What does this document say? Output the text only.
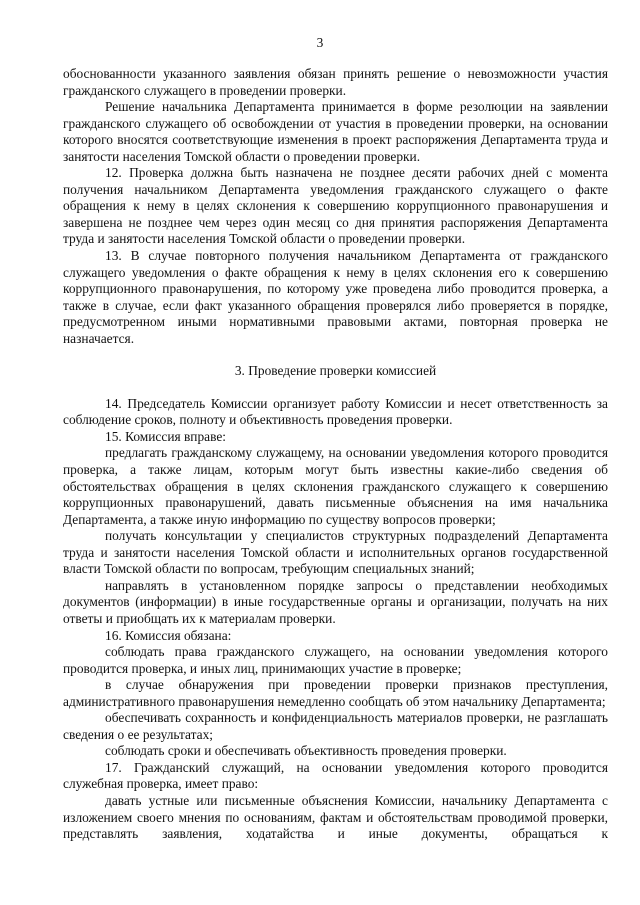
3

обоснованности указанного заявления обязан принять решение о невозможности участия гражданского служащего в проведении проверки.

Решение начальника Департамента принимается в форме резолюции на заявлении гражданского служащего об освобождении от участия в проведении проверки, на основании которого вносятся соответствующие изменения в проект распоряжения Департамента труда и занятости населения Томской области о проведении проверки.

12. Проверка должна быть назначена не позднее десяти рабочих дней с момента получения начальником Департамента уведомления гражданского служащего о факте обращения к нему в целях склонения к совершению коррупционного правонарушения и завершена не позднее чем через один месяц со дня принятия распоряжения Департамента труда и занятости населения Томской области о проведении проверки.

13. В случае повторного получения начальником Департамента от гражданского служащего уведомления о факте обращения к нему в целях склонения его к совершению коррупционного правонарушения, по которому уже проведена либо проводится проверка, а также в случае, если факт указанного обращения проверялся либо проверяется в порядке, предусмотренном иными нормативными правовыми актами, повторная проверка не назначается.

3. Проведение проверки комиссией

14. Председатель Комиссии организует работу Комиссии и несет ответственность за соблюдение сроков, полноту и объективность проведения проверки.

15. Комиссия вправе:

предлагать гражданскому служащему, на основании уведомления которого проводится проверка, а также лицам, которым могут быть известны какие-либо сведения об обстоятельствах обращения в целях склонения гражданского служащего к совершению коррупционных правонарушений, давать письменные объяснения на имя начальника Департамента, а также иную информацию по существу вопросов проверки;

получать консультации у специалистов структурных подразделений Департамента труда и занятости населения Томской области и исполнительных органов государственной власти Томской области по вопросам, требующим специальных знаний;

направлять в установленном порядке запросы о представлении необходимых документов (информации) в иные государственные органы и организации, получать на них ответы и приобщать их к материалам проверки.

16. Комиссия обязана:

соблюдать права гражданского служащего, на основании уведомления которого проводится проверка, и иных лиц, принимающих участие в проверке;

в случае обнаружения при проведении проверки признаков преступления, административного правонарушения немедленно сообщать об этом начальнику Департамента;

обеспечивать сохранность и конфиденциальность материалов проверки, не разглашать сведения о ее результатах;

соблюдать сроки и обеспечивать объективность проведения проверки.

17. Гражданский служащий, на основании уведомления которого проводится служебная проверка, имеет право:

давать устные или письменные объяснения Комиссии, начальнику Департамента с изложением своего мнения по основаниям, фактам и обстоятельствам проводимой проверки, представлять заявления, ходатайства и иные документы, обращаться к
